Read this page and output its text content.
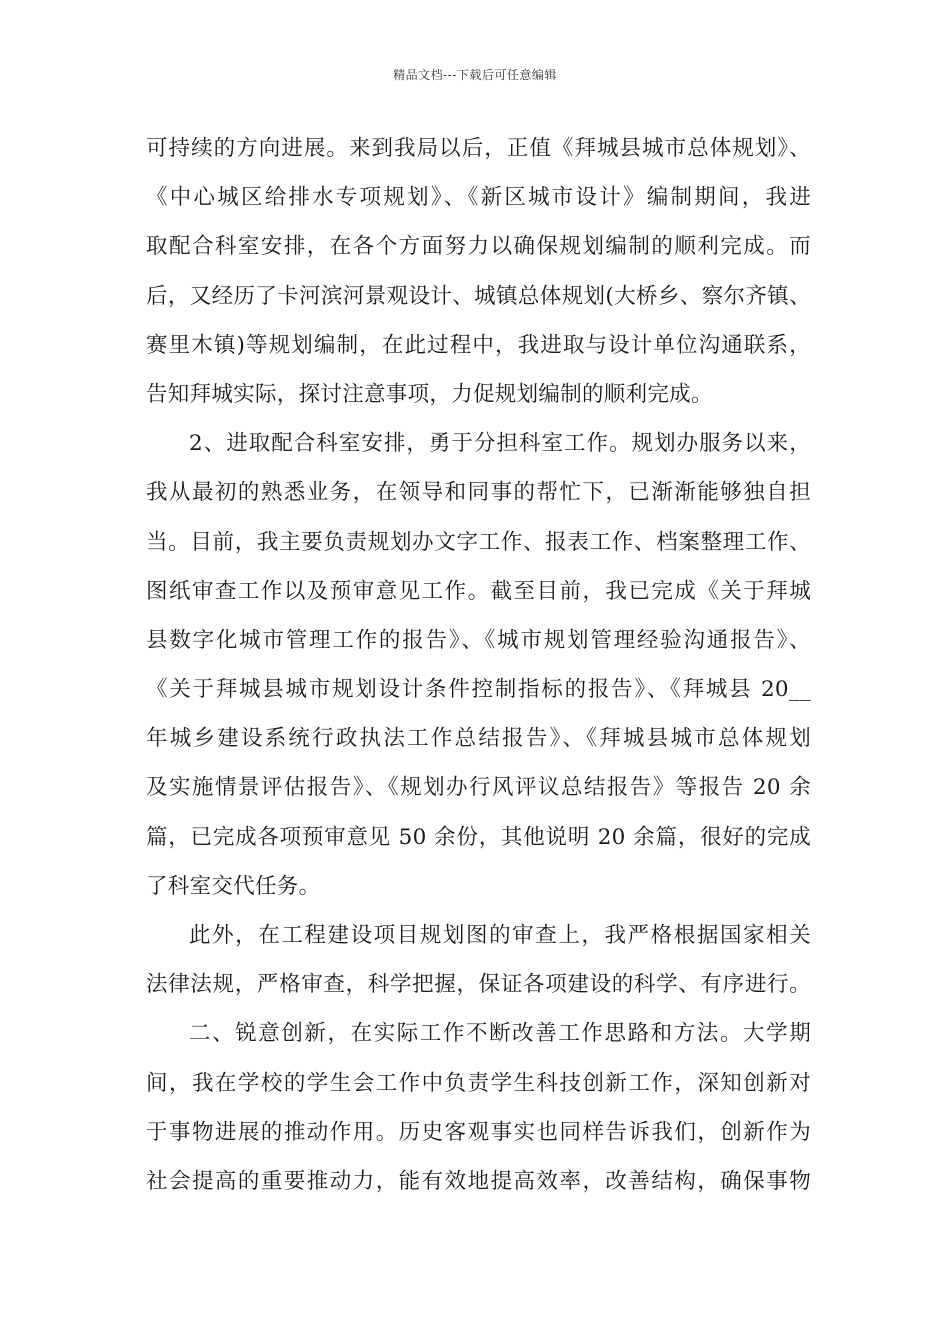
精品文档---下载后可任意编辑
可持续的方向进展。来到我局以后，正值《拜城县城市总体规划》、
《中心城区给排水专项规划》、《新区城市设计》编制期间，我进
取配合科室安排，在各个方面努力以确保规划编制的顺利完成。而
后，又经历了卡河滨河景观设计、城镇总体规划(大桥乡、察尔齐镇、
赛里木镇)等规划编制，在此过程中，我进取与设计单位沟通联系，
告知拜城实际，探讨注意事项，力促规划编制的顺利完成。
2、进取配合科室安排，勇于分担科室工作。规划办服务以来，
我从最初的熟悉业务，在领导和同事的帮忙下，已渐渐能够独自担
当。目前，我主要负责规划办文字工作、报表工作、档案整理工作、
图纸审查工作以及预审意见工作。截至目前，我已完成《关于拜城
县数字化城市管理工作的报告》、《城市规划管理经验沟通报告》、
《关于拜城县城市规划设计条件控制指标的报告》、《拜城县 20__
年城乡建设系统行政执法工作总结报告》、《拜城县城市总体规划
及实施情景评估报告》、《规划办行风评议总结报告》等报告 20 余
篇，已完成各项预审意见 50 余份，其他说明 20 余篇，很好的完成
了科室交代任务。
此外，在工程建设项目规划图的审查上，我严格根据国家相关
法律法规，严格审查，科学把握，保证各项建设的科学、有序进行。
二、锐意创新，在实际工作不断改善工作思路和方法。大学期
间，我在学校的学生会工作中负责学生科技创新工作，深知创新对
于事物进展的推动作用。历史客观事实也同样告诉我们，创新作为
社会提高的重要推动力，能有效地提高效率，改善结构，确保事物
